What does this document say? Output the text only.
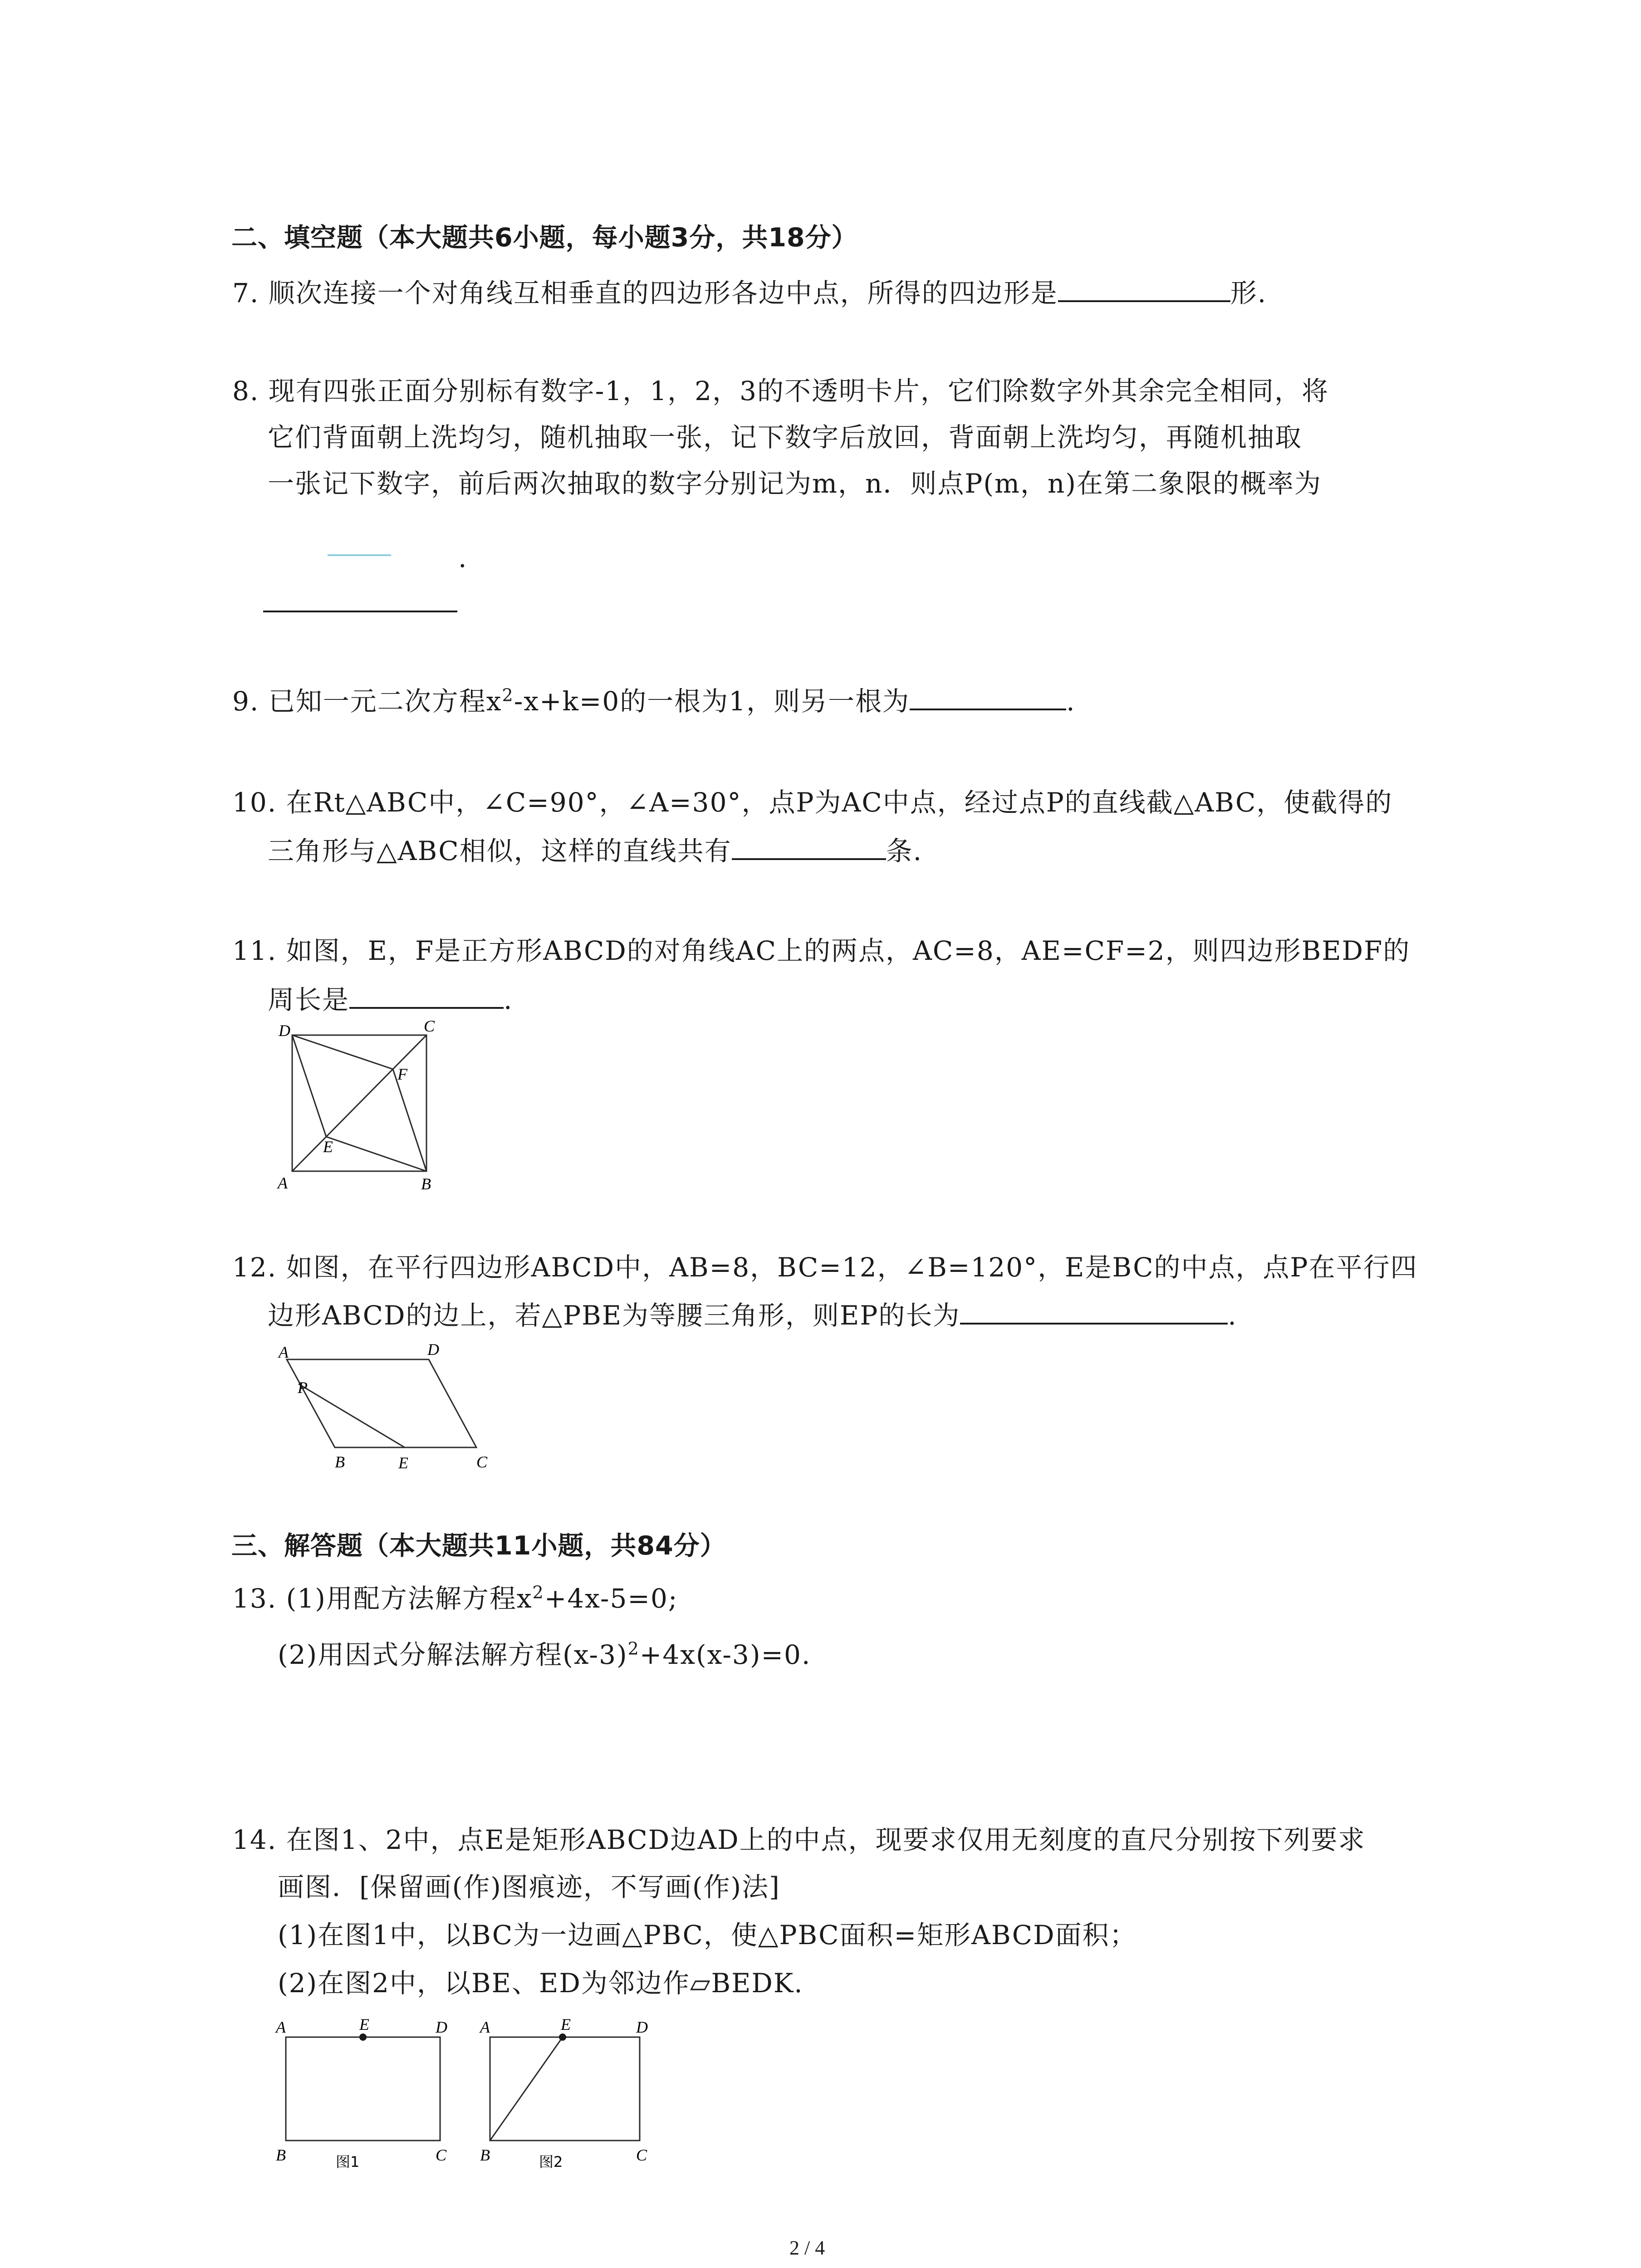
二、填空题（本大题共6小题，每小题3分，共18分）
7. 顺次连接一个对角线互相垂直的四边形各边中点，所得的四边形是	形.
8. 现有四张正面分别标有数字-1，1，2，3的不透明卡片，它们除数字外其余完全相同，将
它们背面朝上洗均匀，随机抽取一张，记下数字后放回，背面朝上洗均匀，再随机抽取
一张记下数字，前后两次抽取的数字分别记为m，n．则点P(m，n)在第二象限的概率为
.
9. 已知一元二次方程$x^2-x+k=0$的一根为1，则另一根为	.
10. 在Rt△ABC中，∠C=90°，∠A=30°，点P为AC中点，经过点P的直线截△ABC，使截得的
三角形与△ABC相似，这样的直线共有	条.
11. 如图，E，F是正方形ABCD的对角线AC上的两点，AC=8，AE=CF=2，则四边形BEDF的
周长是	.
D	C
F
E
A	B
12. 如图，在平行四边形ABCD中，AB=8，BC=12，∠B=120°，E是BC的中点，点P在平行四
边形ABCD的边上，若△PBE为等腰三角形，则EP的长为	.
A	D
P
B	E	C
三、解答题（本大题共11小题，共84分）
13. (1)用配方法解方程$x^2+4x-5=0$;
(2)用因式分解法解方程$(x-3)^2+4x(x-3)=0$.
14. 在图1、2中，点E是矩形ABCD边AD上的中点，现要求仅用无刻度的直尺分别按下列要求
画图．[保留画(作)图痕迹，不写画(作)法]
(1)在图1中，以BC为一边画△PBC，使△PBC面积=矩形ABCD面积；
(2)在图2中，以BE、ED为邻边作▱BEDK.
A	E	D
B	C
图1
A	E	D
B	C
图2
2 / 4
